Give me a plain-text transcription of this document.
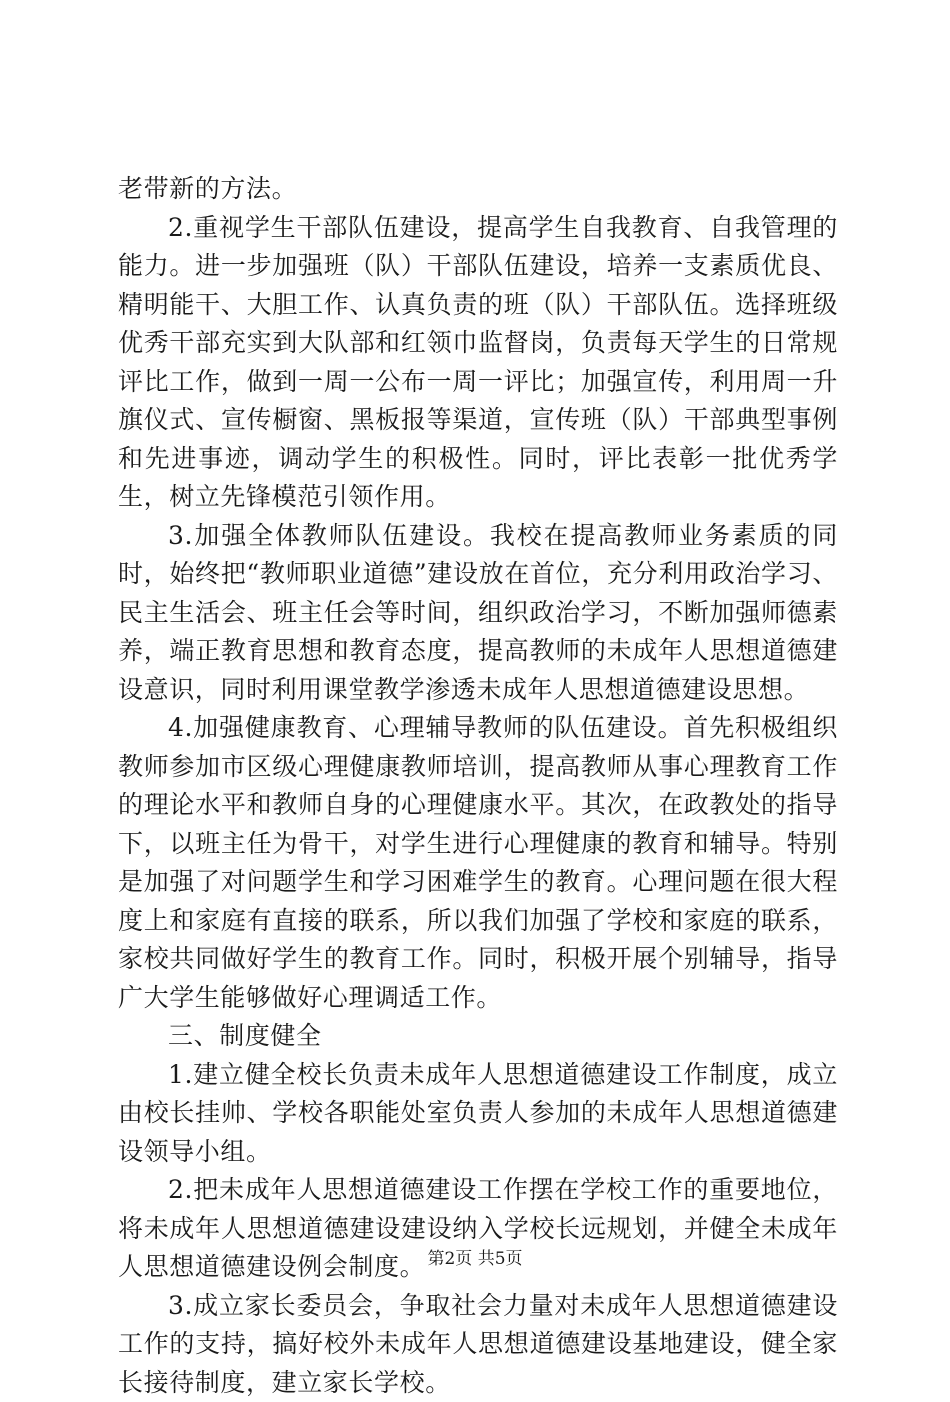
老带新的方法。

2.重视学生干部队伍建设，提高学生自我教育、自我管理的能力。进一步加强班（队）干部队伍建设，培养一支素质优良、精明能干、大胆工作、认真负责的班（队）干部队伍。选择班级优秀干部充实到大队部和红领巾监督岗，负责每天学生的日常规评比工作，做到一周一公布一周一评比；加强宣传，利用周一升旗仪式、宣传橱窗、黑板报等渠道，宣传班（队）干部典型事例和先进事迹，调动学生的积极性。同时，评比表彰一批优秀学生，树立先锋模范引领作用。

3.加强全体教师队伍建设。我校在提高教师业务素质的同时，始终把“教师职业道德”建设放在首位，充分利用政治学习、民主生活会、班主任会等时间，组织政治学习，不断加强师德素养，端正教育思想和教育态度，提高教师的未成年人思想道德建设意识，同时利用课堂教学渗透未成年人思想道德建设思想。

4.加强健康教育、心理辅导教师的队伍建设。首先积极组织教师参加市区级心理健康教师培训，提高教师从事心理教育工作的理论水平和教师自身的心理健康水平。其次，在政教处的指导下，以班主任为骨干，对学生进行心理健康的教育和辅导。特别是加强了对问题学生和学习困难学生的教育。心理问题在很大程度上和家庭有直接的联系，所以我们加强了学校和家庭的联系，家校共同做好学生的教育工作。同时，积极开展个别辅导，指导广大学生能够做好心理调适工作。

三、制度健全

1.建立健全校长负责未成年人思想道德建设工作制度，成立由校长挂帅、学校各职能处室负责人参加的未成年人思想道德建设领导小组。

2.把未成年人思想道德建设工作摆在学校工作的重要地位，将未成年人思想道德建设建设纳入学校长远规划，并健全未成年人思想道德建设例会制度。

3.成立家长委员会，争取社会力量对未成年人思想道德建设工作的支持，搞好校外未成年人思想道德建设基地建设，健全家长接待制度，建立家长学校。

第2页 共5页
